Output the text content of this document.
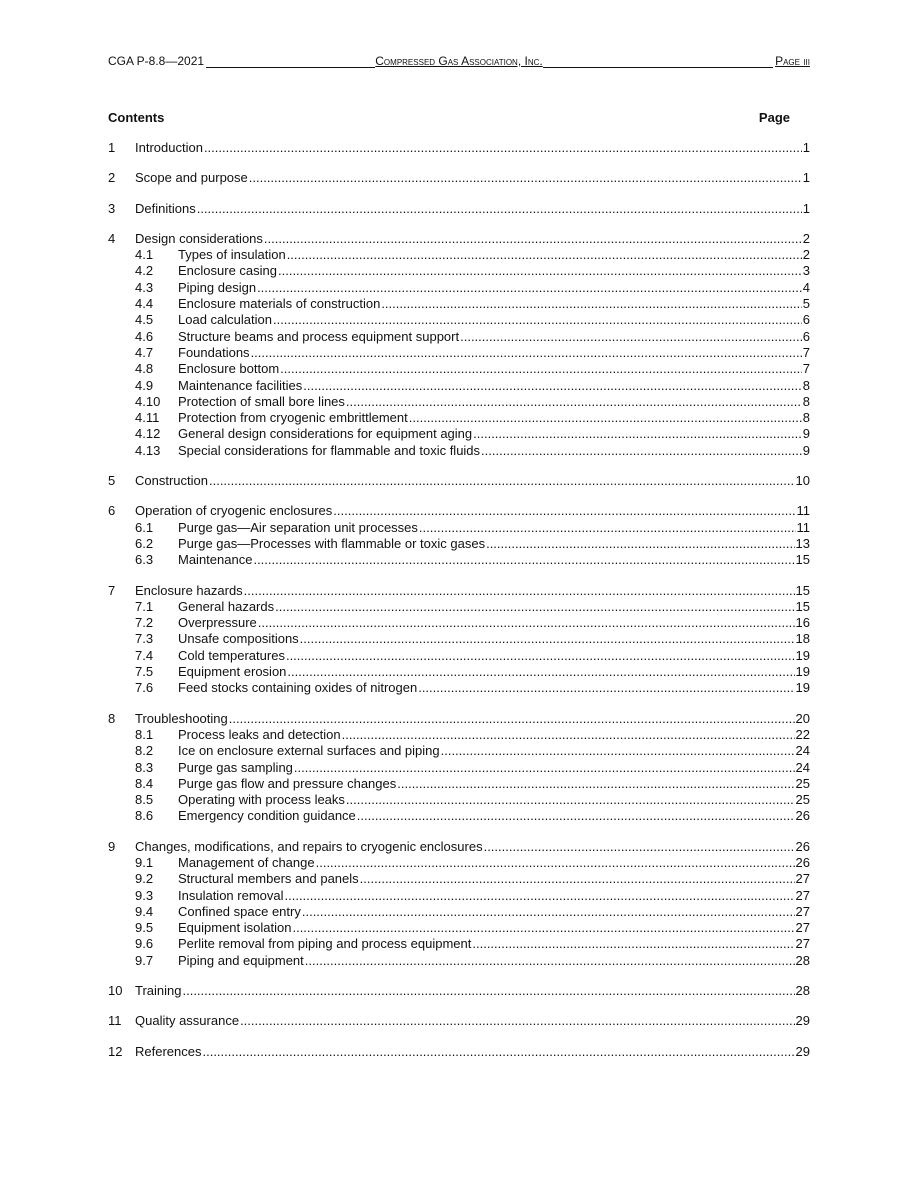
CGA P-8.8—2021	Compressed Gas Association, Inc.	Page iii
Contents	Page
1	Introduction .....	1
2	Scope and purpose .....	1
3	Definitions .....	1
4	Design considerations .....	2
4.1	Types of insulation .....	2
4.2	Enclosure casing .....	3
4.3	Piping design .....	4
4.4	Enclosure materials of construction .....	5
4.5	Load calculation .....	6
4.6	Structure beams and process equipment support .....	6
4.7	Foundations .....	7
4.8	Enclosure bottom .....	7
4.9	Maintenance facilities .....	8
4.10	Protection of small bore lines .....	8
4.11	Protection from cryogenic embrittlement .....	8
4.12	General design considerations for equipment aging .....	9
4.13	Special considerations for flammable and toxic fluids .....	9
5	Construction .....	10
6	Operation of cryogenic enclosures .....	11
6.1	Purge gas—Air separation unit processes .....	11
6.2	Purge gas—Processes with flammable or toxic gases .....	13
6.3	Maintenance .....	15
7	Enclosure hazards .....	15
7.1	General hazards .....	15
7.2	Overpressure .....	16
7.3	Unsafe compositions .....	18
7.4	Cold temperatures .....	19
7.5	Equipment erosion .....	19
7.6	Feed stocks containing oxides of nitrogen .....	19
8	Troubleshooting .....	20
8.1	Process leaks and detection .....	22
8.2	Ice on enclosure external surfaces and piping .....	24
8.3	Purge gas sampling .....	24
8.4	Purge gas flow and pressure changes .....	25
8.5	Operating with process leaks .....	25
8.6	Emergency condition guidance .....	26
9	Changes, modifications, and repairs to cryogenic enclosures .....	26
9.1	Management of change .....	26
9.2	Structural members and panels .....	27
9.3	Insulation removal .....	27
9.4	Confined space entry .....	27
9.5	Equipment isolation .....	27
9.6	Perlite removal from piping and process equipment .....	27
9.7	Piping and equipment .....	28
10 Training .....	28
11	Quality assurance .....	29
12 References .....	29
